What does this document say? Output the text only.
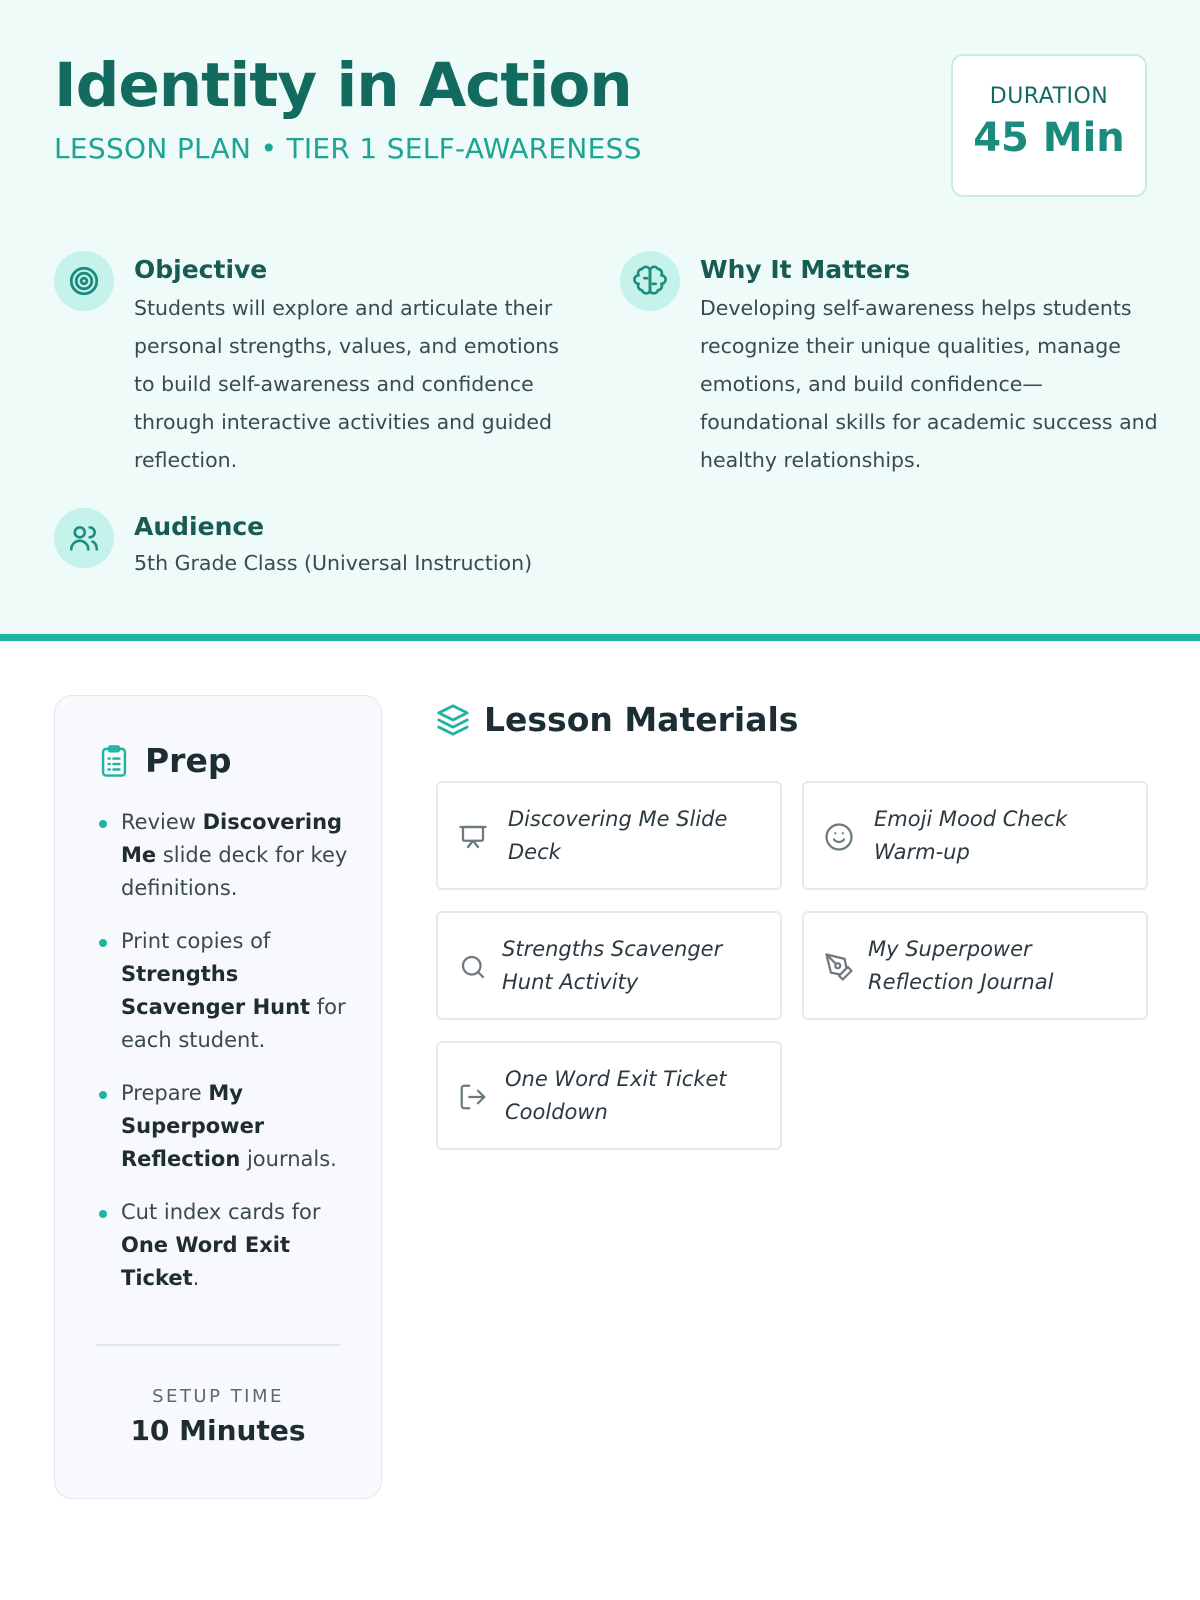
Identity in Action
LESSON PLAN • TIER 1 SELF-AWARENESS
DURATION
45 Min
Objective

Students will explore and articulate their personal strengths, values, and emotions to build self-awareness and confidence through interactive activities and guided reflection.

Why It Matters

Developing self-awareness helps students recognize their unique qualities, manage emotions, and build confidence—foundational skills for academic success and healthy relationships.

Audience
5th Grade Class (Universal Instruction)
Prep
Review Discovering Me slide deck for key definitions.
Print copies of Strengths Scavenger Hunt for each student.
Prepare My Superpower Reflection journals.
Cut index cards for One Word Exit Ticket.
SETUP TIME
10 Minutes
Lesson Materials
Discovering Me Slide Deck
Emoji Mood Check Warm-up
Strengths Scavenger Hunt Activity
My Superpower Reflection Journal
One Word Exit Ticket Cooldown
